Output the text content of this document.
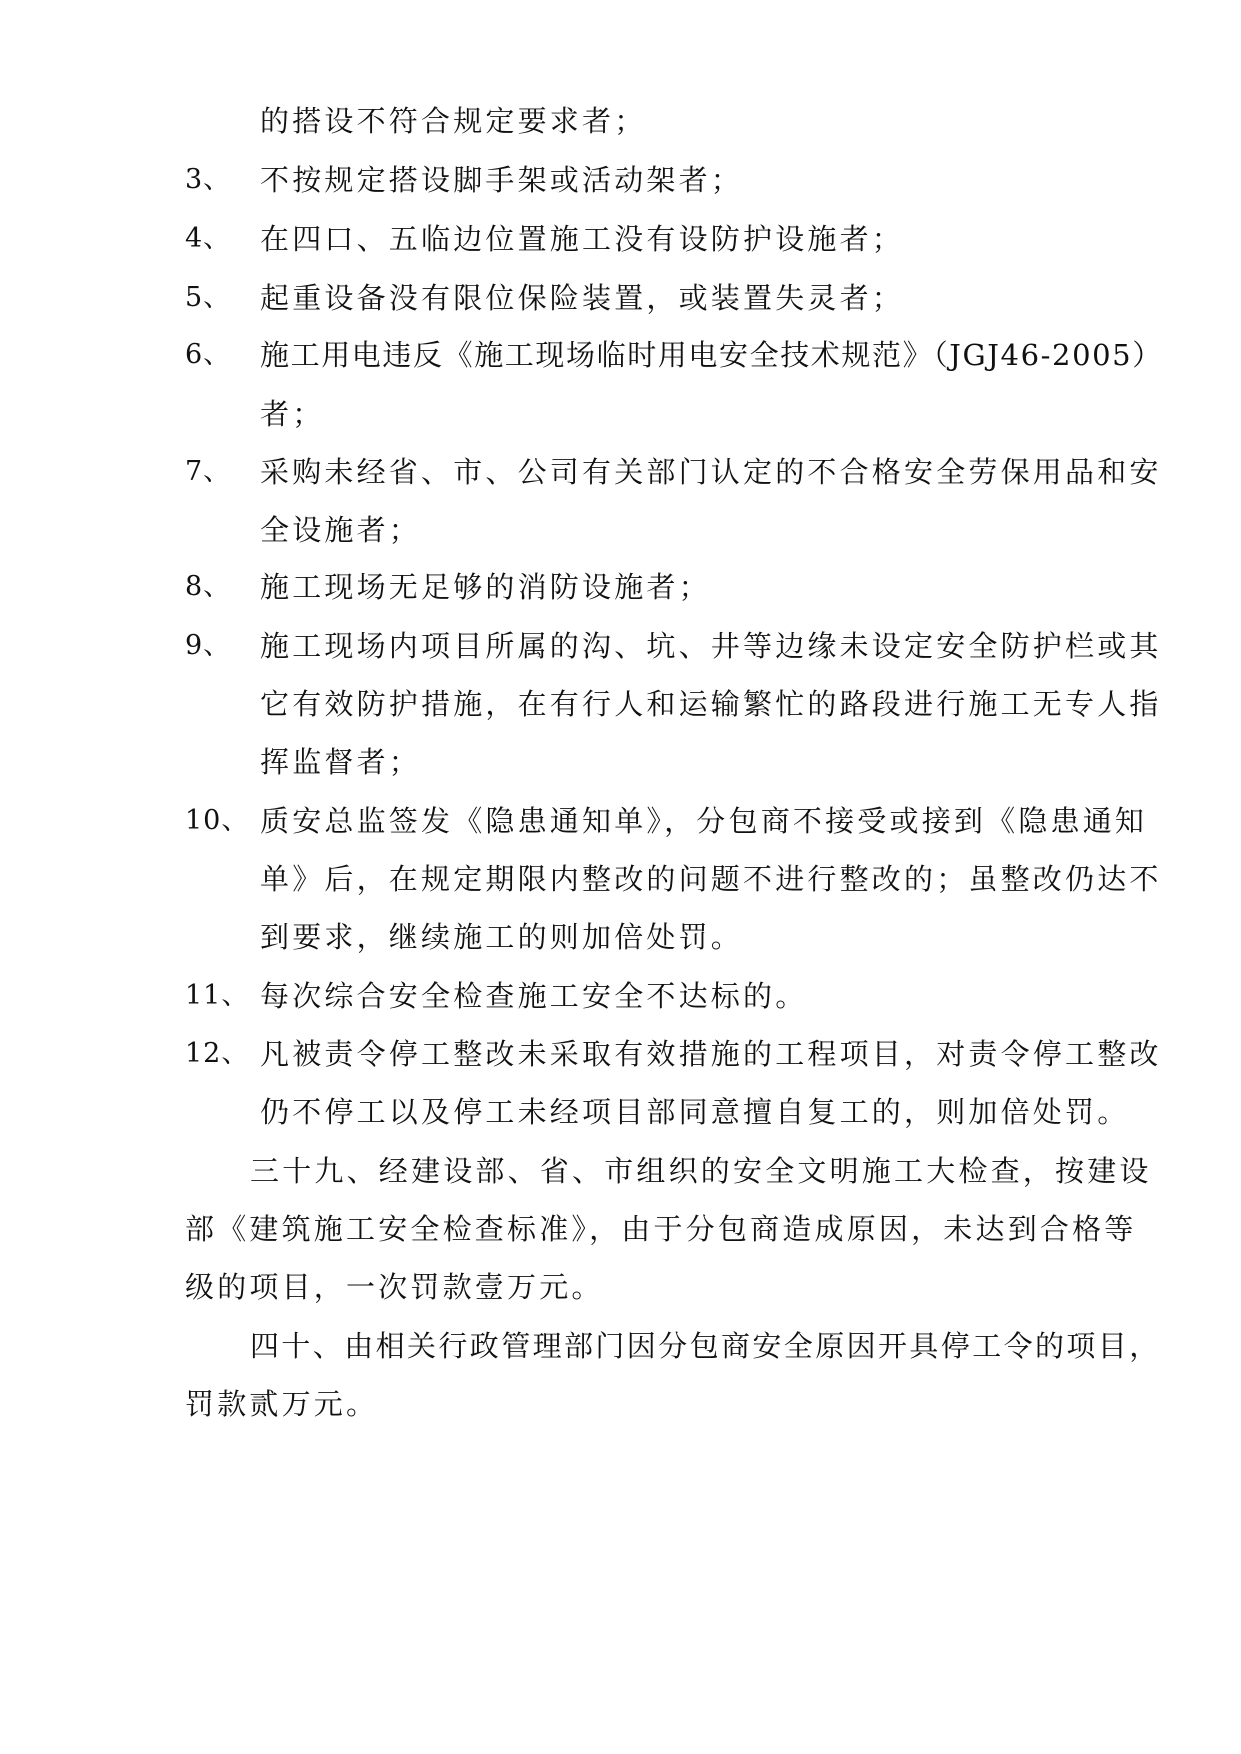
的搭设不符合规定要求者；
3、 不按规定搭设脚手架或活动架者；
4、 在四口、五临边位置施工没有设防护设施者；
5、 起重设备没有限位保险装置，或装置失灵者；
6、 施工用电违反《施工现场临时用电安全技术规范》（JGJ46-2005）
者；
7、 采购未经省、市、公司有关部门认定的不合格安全劳保用品和安
全设施者；
8、 施工现场无足够的消防设施者；
9、 施工现场内项目所属的沟、坑、井等边缘未设定安全防护栏或其
它有效防护措施，在有行人和运输繁忙的路段进行施工无专人指
挥监督者；
10、 质安总监签发《隐患通知单》，分包商不接受或接到《隐患通知
单》后，在规定期限内整改的问题不进行整改的；虽整改仍达不
到要求，继续施工的则加倍处罚。
11、 每次综合安全检查施工安全不达标的。
12、 凡被责令停工整改未采取有效措施的工程项目，对责令停工整改
仍不停工以及停工未经项目部同意擅自复工的，则加倍处罚。
三十九、经建设部、省、市组织的安全文明施工大检查，按建设
部《建筑施工安全检查标准》，由于分包商造成原因，未达到合格等
级的项目，一次罚款壹万元。
四十、由相关行政管理部门因分包商安全原因开具停工令的项目，
罚款贰万元。
